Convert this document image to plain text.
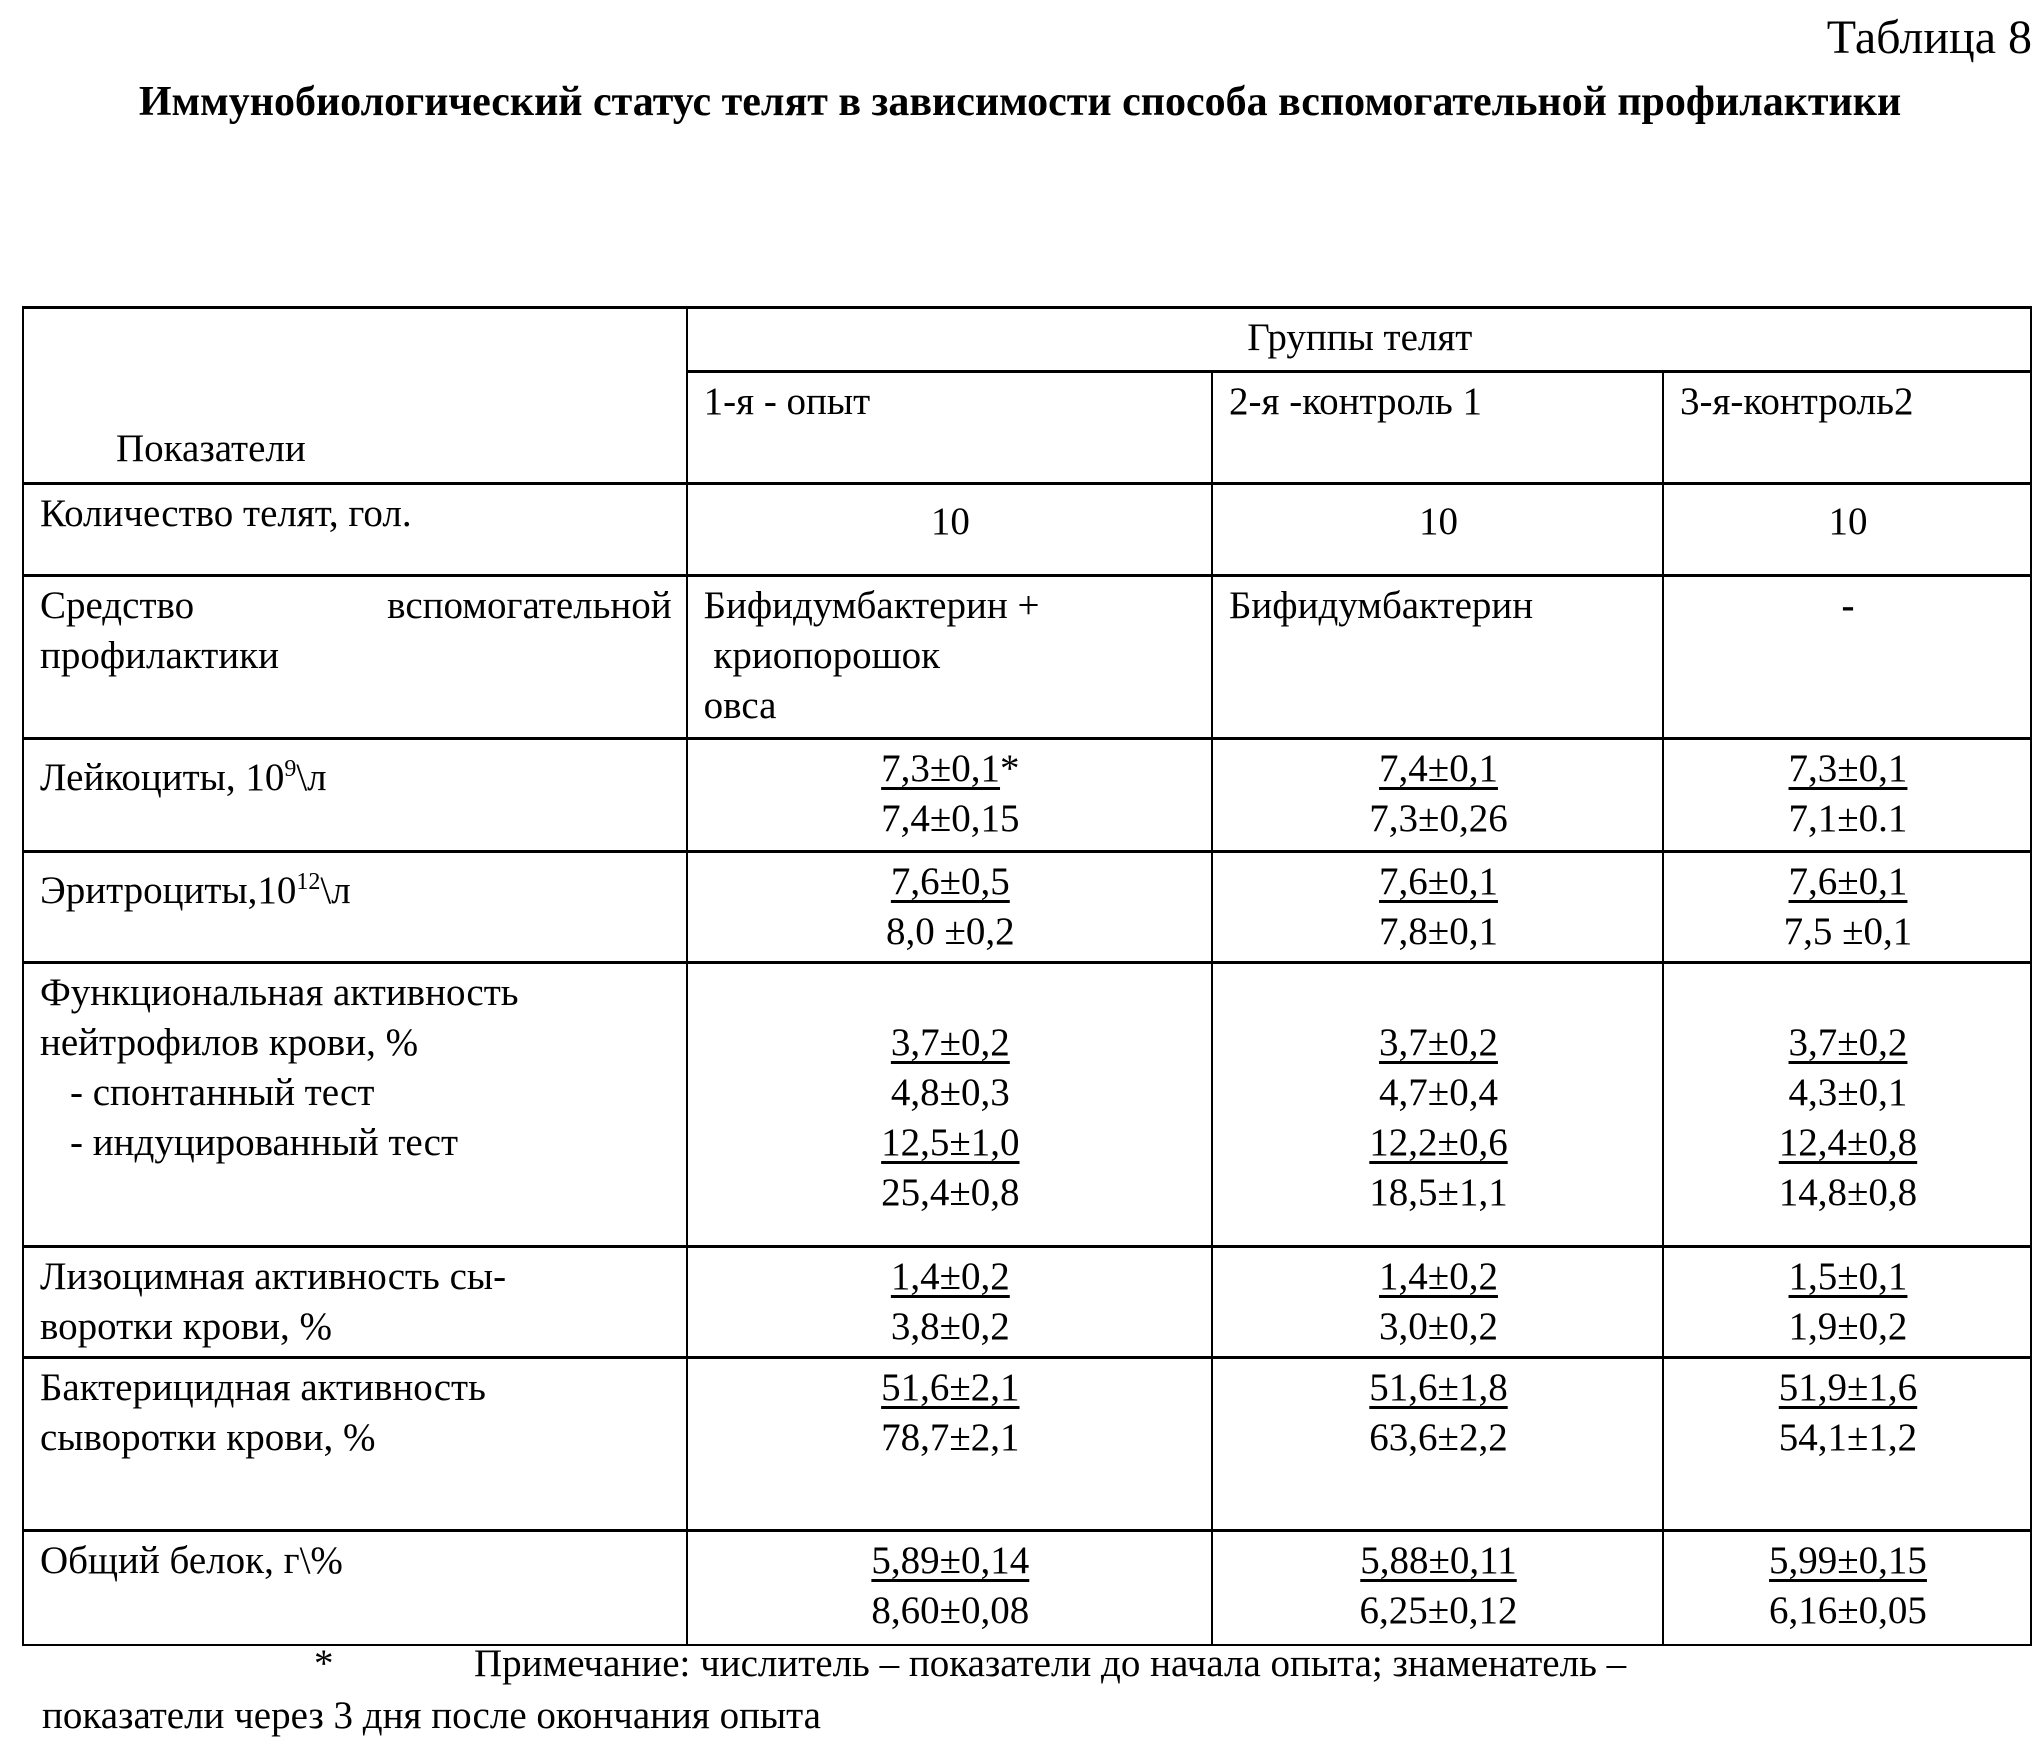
Таблица 8
Иммунобиологический статус телят в зависимости способа вспомогательной профилактики
Показатели	Группы телят
1-я - опыт	2-я -контроль 1	3-я-контроль2
Количество телят, гол.	10	10	10
Средство вспомогательной профилактики	
Бифидумбактерин +
криопорошок
овса

Бифидумбактерин	-

Лейкоциты, 109\л	7,3±0,1*
7,4±0,15

7,4±0,1
7,3±0,26

7,3±0,1
7,1±0.1

Эритроциты,1012\л	7,6±0,5
8,0 ±0,2

7,6±0,1
7,8±0,1

7,6±0,1
7,5 ±0,1

Функциональная активность
нейтрофилов крови, %
- спонтанный тест
- индуцированный тест

3,7±0,2
4,8±0,3
12,5±1,0
25,4±0,8

3,7±0,2
4,7±0,4
12,2±0,6
18,5±1,1

3,7±0,2
4,3±0,1
12,4±0,8
14,8±0,8

Лизоцимная активность сы-
воротки крови, %

1,4±0,2
3,8±0,2

1,4±0,2
3,0±0,2

1,5±0,1
1,9±0,2

Бактерицидная активность
сыворотки крови, %

51,6±2,1
78,7±2,1

51,6±1,8
63,6±2,2

51,9±1,6
54,1±1,2

Общий белок, г\%	5,89±0,14
8,60±0,08

5,88±0,11
6,25±0,12

5,99±0,15
6,16±0,05
*	Примечание: числитель – показатели до начала опыта; знаменатель –
показатели через 3 дня после окончания опыта
